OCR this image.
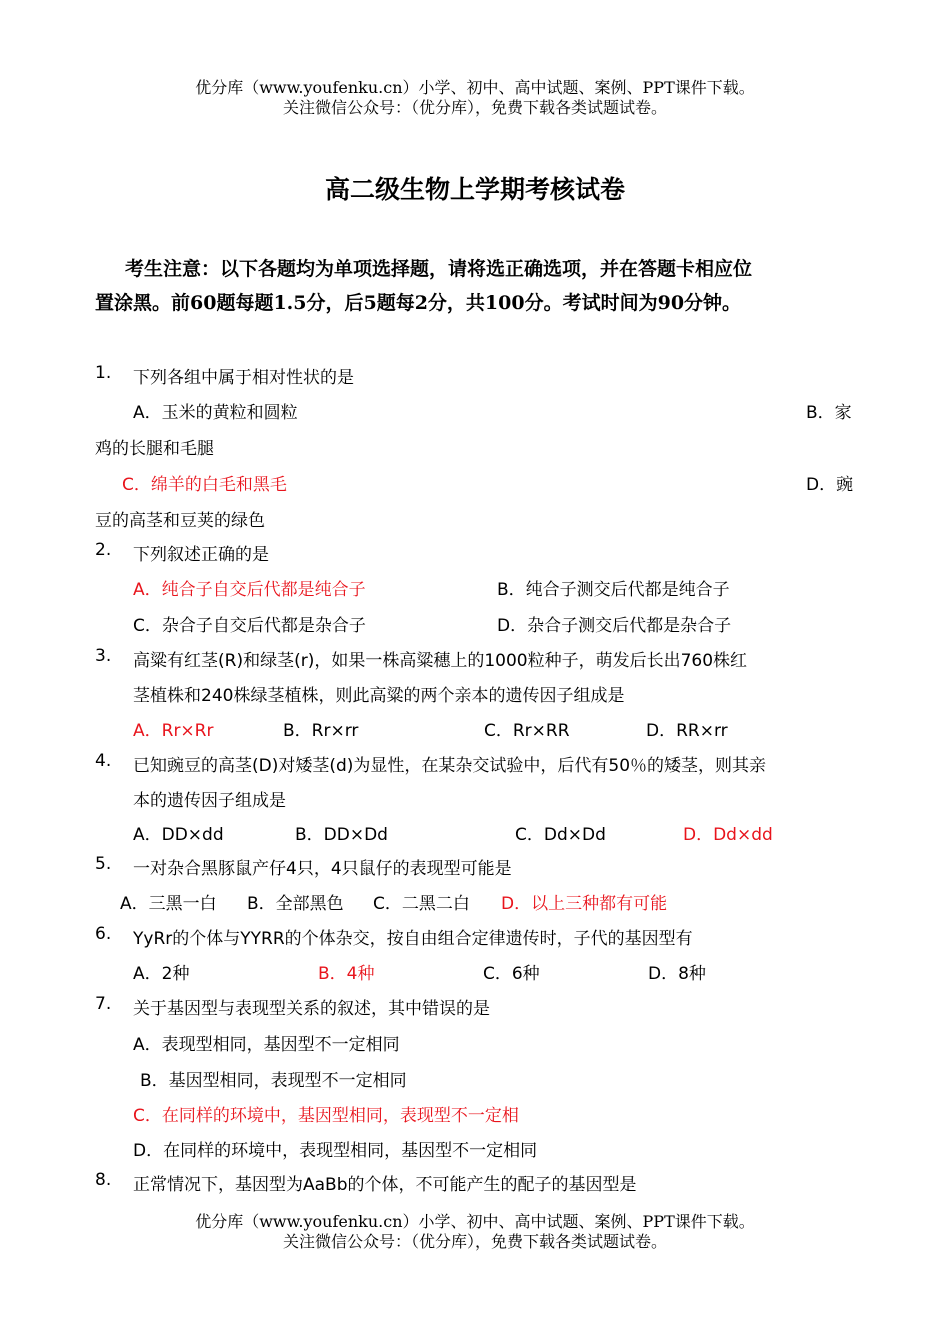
优分库（www.youfenku.cn）小学、初中、高中试题、案例、PPT课件下载。
关注微信公众号：（优分库），免费下载各类试题试卷。
高二级生物上学期考核试卷
考生注意：以下各题均为单项选择题，请将选正确选项，并在答题卡相应位
置涂黑。前60题每题1.5分，后5题每2分，共100分。考试时间为90分钟。
1. 下列各组中属于相对性状的是
A．玉米的黄粒和圆粒	B．家
鸡的长腿和毛腿
C．绵羊的白毛和黑毛	D．豌
豆的高茎和豆荚的绿色
2. 下列叙述正确的是
A．纯合子自交后代都是纯合子	B．纯合子测交后代都是纯合子
C．杂合子自交后代都是杂合子	D．杂合子测交后代都是杂合子
3. 高粱有红茎(R)和绿茎(r)，如果一株高粱穗上的1000粒种子，萌发后长出760株红
茎植株和240株绿茎植株，则此高粱的两个亲本的遗传因子组成是
A．Rr×Rr	B．Rr×rr	C．Rr×RR	D．RR×rr
4. 已知豌豆的高茎(D)对矮茎(d)为显性，在某杂交试验中，后代有50％的矮茎，则其亲
本的遗传因子组成是
A．DD×dd	B．DD×Dd	C．Dd×Dd	D．Dd×dd
5. 一对杂合黑豚鼠产仔4只，4只鼠仔的表现型可能是
A．三黑一白 B．全部黑色 C．二黑二白 D．以上三种都有可能
6. YyRr的个体与YYRR的个体杂交，按自由组合定律遗传时，子代的基因型有
A．2种	B．4种	C．6种	D．8种
7. 关于基因型与表现型关系的叙述，其中错误的是
A．表现型相同，基因型不一定相同
B．基因型相同，表现型不一定相同
C．在同样的环境中，基因型相同，表现型不一定相
D．在同样的环境中，表现型相同，基因型不一定相同
8. 正常情况下，基因型为AaBb的个体，不可能产生的配子的基因型是
优分库（www.youfenku.cn）小学、初中、高中试题、案例、PPT课件下载。
关注微信公众号：（优分库），免费下载各类试题试卷。
